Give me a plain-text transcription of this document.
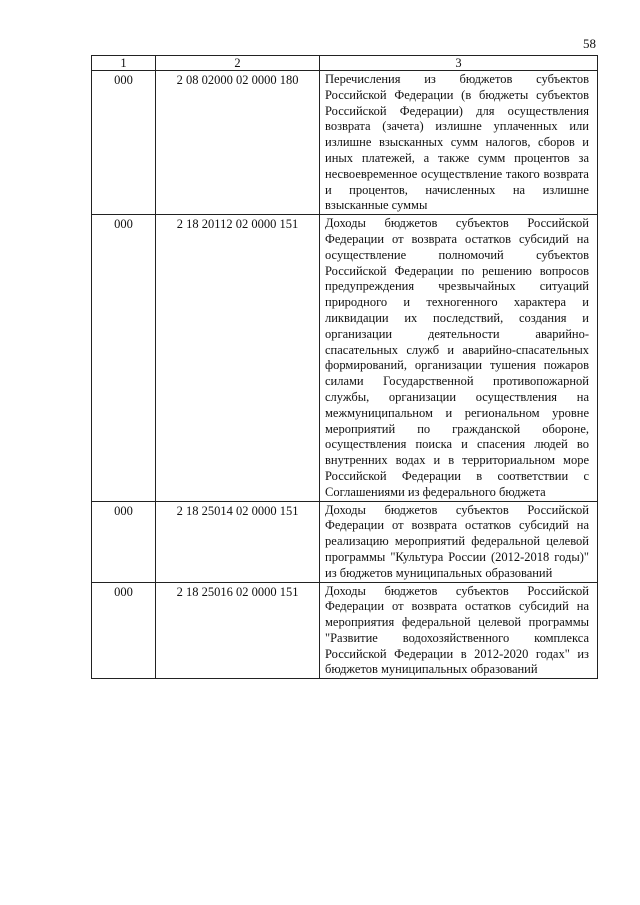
58
1	2	3
000	2 08 02000 02 0000 180	Перечисления из бюджетов субъектов Российской Федерации (в бюджеты субъектов Российской Федерации) для осуществления возврата (зачета) излишне уплаченных или излишне взысканных сумм налогов, сборов и иных платежей, а также сумм процентов за несвоевременное осуществление такого возврата и процентов, начисленных на излишне взысканные суммы
000	2 18 20112 02 0000 151	Доходы бюджетов субъектов Российской Федерации от возврата остатков субсидий на осуществление полномочий субъектов Российской Федерации по решению вопросов предупреждения чрезвычайных ситуаций природного и техногенного характера и ликвидации их последствий, создания и организации деятельности аварийно-спасательных служб и аварийно-спасательных формирований, организации тушения пожаров силами Государственной противопожарной службы, организации осуществления на межмуниципальном и региональном уровне мероприятий по гражданской обороне, осуществления поиска и спасения людей во внутренних водах и в территориальном море Российской Федерации в соответствии с Соглашениями из федерального бюджета
000	2 18 25014 02 0000 151	Доходы бюджетов субъектов Российской Федерации от возврата остатков субсидий на реализацию мероприятий федеральной целевой программы "Культура России (2012-2018 годы)" из бюджетов муниципальных образований
000	2 18 25016 02 0000 151	Доходы бюджетов субъектов Российской Федерации от возврата остатков субсидий на мероприятия федеральной целевой программы "Развитие водохозяйственного комплекса Российской Федерации в 2012-2020 годах" из бюджетов муниципальных образований
